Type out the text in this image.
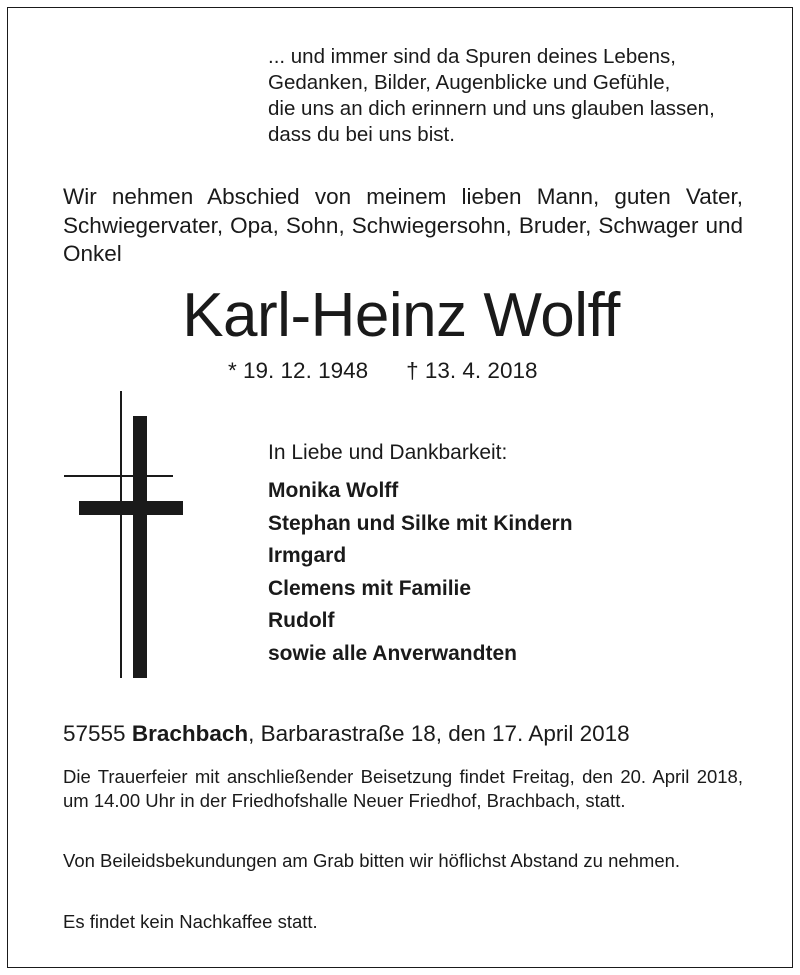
... und immer sind da Spuren deines Lebens,
Gedanken, Bilder, Augenblicke und Gefühle,
die uns an dich erinnern und uns glauben lassen,
dass du bei uns bist.
Wir nehmen Abschied von meinem lieben Mann, guten Vater, Schwiegervater, Opa, Sohn, Schwiegersohn, Bruder, Schwager und Onkel
Karl-Heinz Wolff
* 19. 12. 1948 † 13. 4. 2018
In Liebe und Dankbarkeit:
Monika Wolff
Stephan und Silke mit Kindern
Irmgard
Clemens mit Familie
Rudolf
sowie alle Anverwandten
57555 Brachbach, Barbarastraße 18, den 17. April 2018
Die Trauerfeier mit anschließender Beisetzung findet Freitag, den 20. April 2018, um 14.00 Uhr in der Friedhofshalle Neuer Friedhof, Brachbach, statt.
Von Beileidsbekundungen am Grab bitten wir höflichst Abstand zu nehmen.
Es findet kein Nachkaffee statt.
